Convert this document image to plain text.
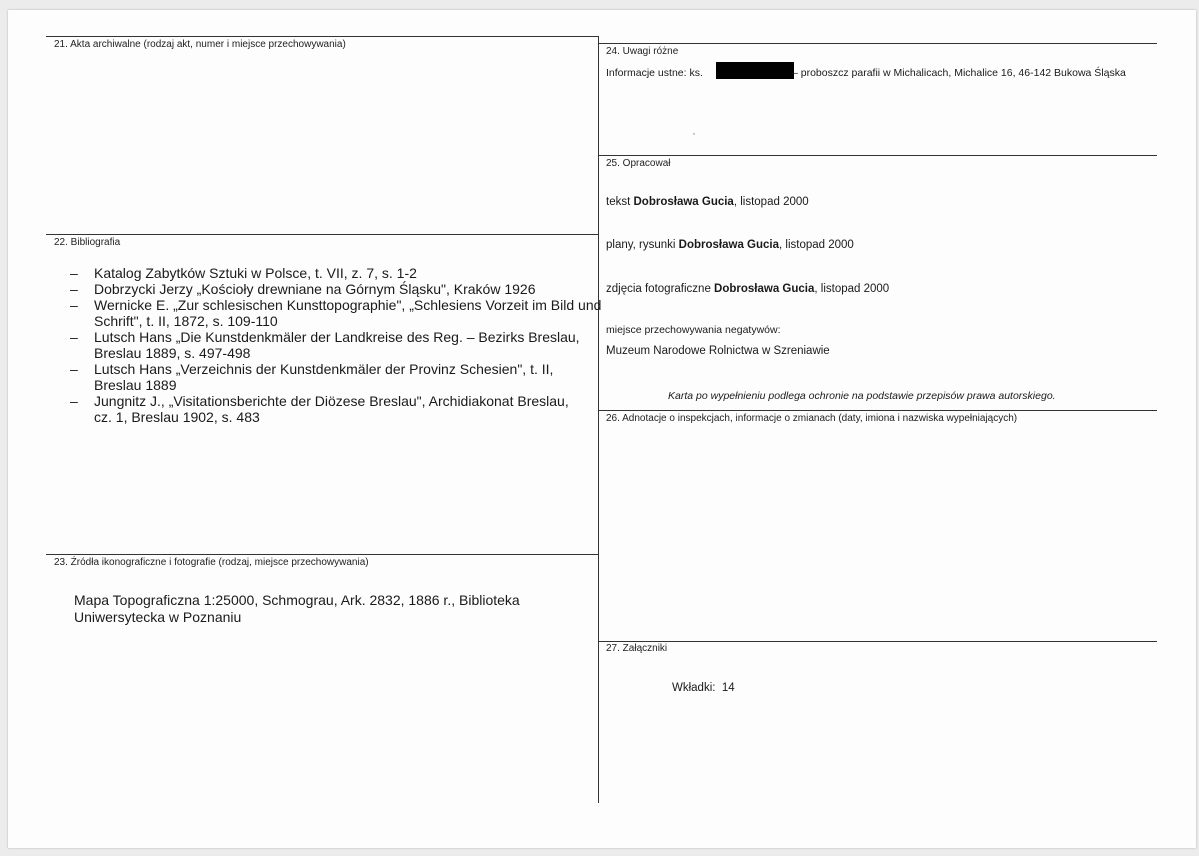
21. Akta archiwalne (rodzaj akt, numer i miejsce przechowywania)
22. Bibliografia
– Katalog Zabytków Sztuki w Polsce, t. VII, z. 7, s. 1-2
– Dobrzycki Jerzy „Kościoły drewniane na Górnym Śląsku", Kraków 1926
– Wernicke E. „Zur schlesischen Kunsttopographie", „Schlesiens Vorzeit im Bild und Schrift", t. II, 1872, s. 109-110
– Lutsch Hans „Die Kunstdenkmäler der Landkreise des Reg. – Bezirks Breslau, Breslau 1889, s. 497-498
– Lutsch Hans „Verzeichnis der Kunstdenkmäler der Provinz Schesien", t. II, Breslau 1889
– Jungnitz J., „Visitationsberichte der Diözese Breslau", Archidiakonat Breslau, cz. 1, Breslau 1902, s. 483
23. Źródła ikonograficzne i fotografie (rodzaj, miejsce przechowywania)
Mapa Topograficzna 1:25000, Schmograu, Ark. 2832, 1886 r., Biblioteka Uniwersytecka w Poznaniu
24. Uwagi różne
Informacje ustne: ks.	– proboszcz parafii w Michalicach, Michalice 16, 46-142 Bukowa Śląska
·
25. Opracował
tekst Dobrosława Gucia, listopad 2000
plany, rysunki Dobrosława Gucia, listopad 2000
zdjęcia fotograficzne Dobrosława Gucia, listopad 2000
miejsce przechowywania negatywów:
Muzeum Narodowe Rolnictwa w Szreniawie
Karta po wypełnieniu podlega ochronie na podstawie przepisów prawa autorskiego.
26. Adnotacje o inspekcjach, informacje o zmianach (daty, imiona i nazwiska wypełniających)
27. Załączniki
Wkładki:  14
